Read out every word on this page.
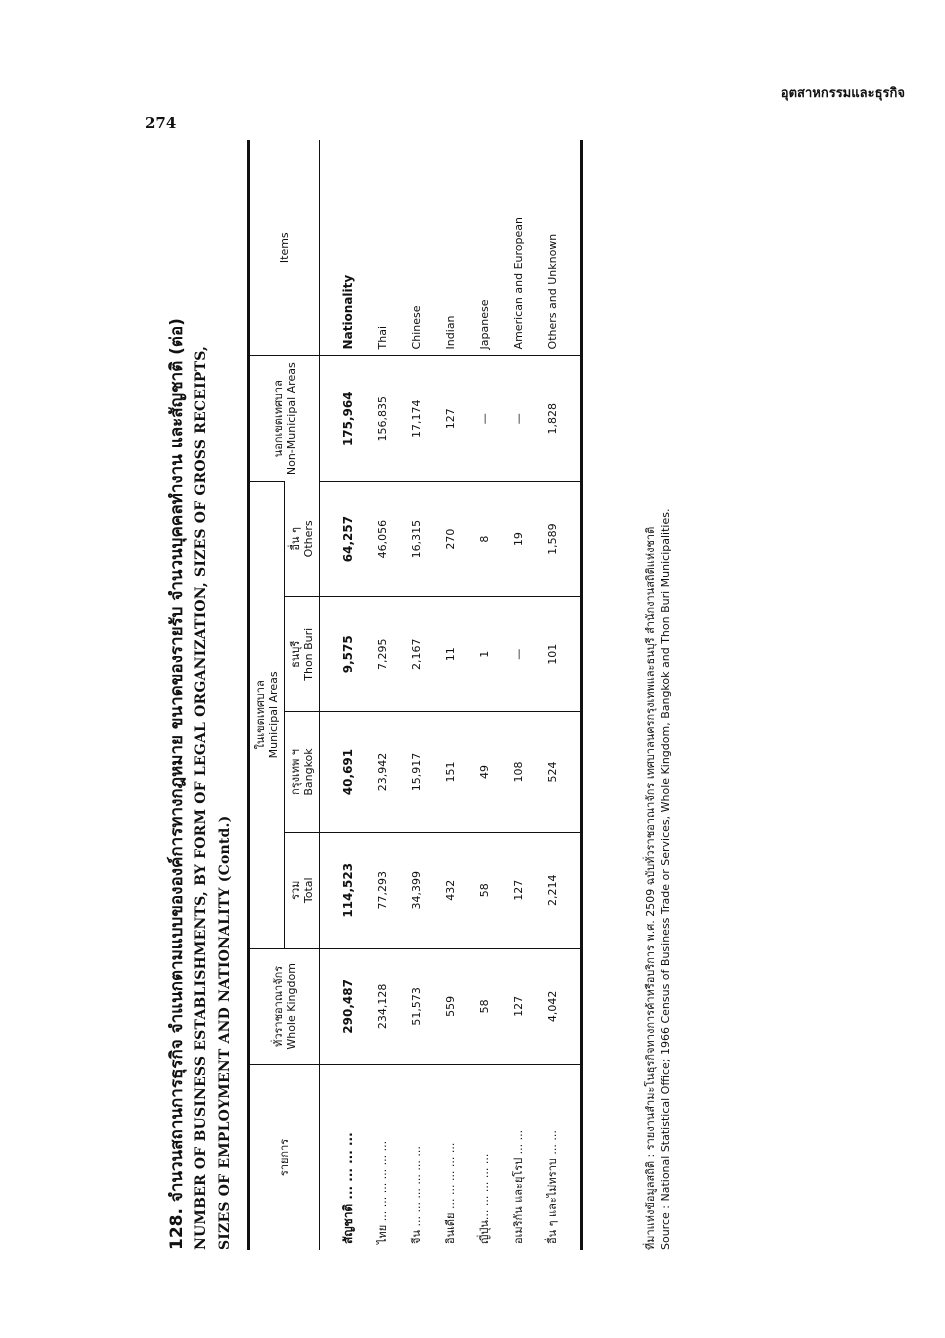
อุตสาหกรรมและธุรกิจ
274
128. จำนวนสถานการธุรกิจ จำแนกตามแบบขององค์การทางกฎหมาย ขนาดของรายรับ จำนวนบุคคลทำงาน และสัญชาติ (ต่อ) NUMBER OF BUSINESS ESTABLISHMENTS, BY FORM OF LEGAL ORGANIZATION, SIZES OF GROSS RECEIPTS, SIZES OF EMPLOYMENT AND NATIONALITY (Contd.)	รายการ	ทั่วราชอาณาจักร Whole Kingdom	ในเขตเทศบาล Municipal Areas				นอกเขตเทศบาล Non-Municipal Areas	Items

		รวม Total	กรุงเทพ ฯ Bangkok	ธนบุรี Thon Buri	อื่น ๆ Others		

สัญชาติ ... ... ... ...	290,487	114,523	40,691	9,575	64,257	175,964	Nationality
ไทย ... ... ... ... ... ...	234,128	77,293	23,942	7,295	46,056	156,835	Thai
จีน ... ... ... ... ... ...	51,573	34,399	15,917	2,167	16,315	17,174	Chinese
อินเดีย ... ... ... ... ...	559	432	151	11	270	127	Indian
ญี่ปุ่น... ... ... ... ...	58	58	49	1	8	—	Japanese
อเมริกัน และยุโรป ... ...	127	127	108	—	19	—	American and European
อื่น ๆ และไม่ทราบ ... ...	4,042	2,214	524	101	1,589	1,828	Others and Unknown
ที่มาแห่งข้อมูลสถิติ : รายงานสำมะโนธุรกิจทางการค้าหรือบริการ พ.ศ. 2509 ฉบับทั่วราชอาณาจักร เทศบาลนครกรุงเทพและธนบุรี สำนักงานสถิติแห่งชาติ Source : National Statistical Office; 1966 Census of Business Trade or Services, Whole Kingdom, Bangkok and Thon Buri Municipalities.
